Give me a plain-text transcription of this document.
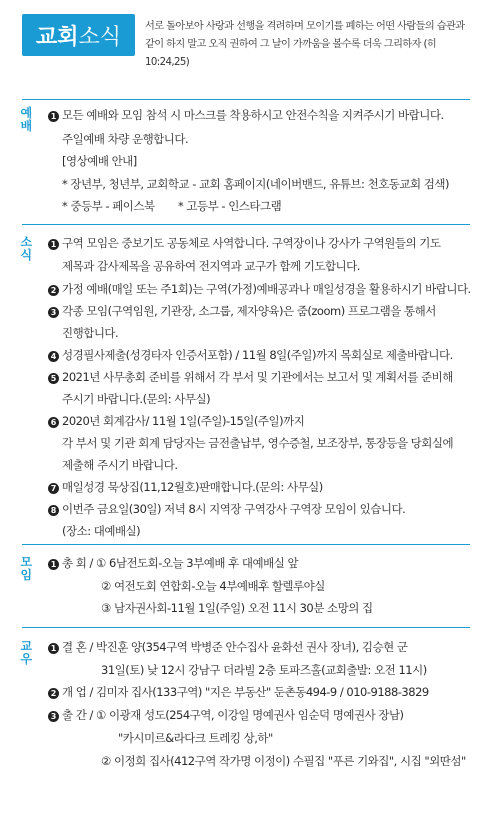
교회 소식 서로 돌아보아 사랑과 선행을 격려하며 모이기를 폐하는 어떤 사람들의 습관과
같이 하지 말고 오직 권하여 그 날이 가까움을 볼수록 더욱 그리하자 (히10:24,25)
예
배
1 모든 예배와 모임 참석 시 마스크를 착용하시고 안전수칙을 지켜주시기 바랍니다.
주일예배 차량 운행합니다.
[영상예배 안내]
* 장년부, 청년부, 교회학교 - 교회 홈페이지(네이버밴드, 유튜브: 천호동교회 검색)
* 중등부 - 페이스북 * 고등부 - 인스타그램
소
식
1 구역 모임은 중보기도 공동체로 사역합니다. 구역장이나 강사가 구역원들의 기도
제목과 감사제목을 공유하여 전지역과 교구가 함께 기도합니다.
2 가정 예배(매일 또는 주1회)는 구역(가정)예배공과나 매일성경을 활용하시기 바랍니다.
3 각종 모임(구역임원, 기관장, 소그룹, 제자양육)은 줌(zoom) 프로그램을 통해서
진행합니다.
4 성경필사제출(성경타자 인증서포함) / 11월 8일(주일)까지 목회실로 제출바랍니다.
5 2021년 사무총회 준비를 위해서 각 부서 및 기관에서는 보고서 및 계획서를 준비해
주시기 바랍니다.(문의: 사무실)
6 2020년 회계감사/ 11월 1일(주일)-15일(주일)까지
각 부서 및 기관 회계 담당자는 금전출납부, 영수증철, 보조장부, 통장등을 당회실에
제출해 주시기 바랍니다.
7 매일성경 묵상집(11,12월호)판매합니다.(문의: 사무실)
8 이번주 금요일(30일) 저녁 8시 지역장 구역강사 구역장 모임이 있습니다.
(장소: 대예배실)
모
임
1 총 회 / ① 6남전도회-오늘 3부예배 후 대예배실 앞
② 여전도회 연합회-오늘 4부예배후 할렐루야실
③ 남자권사회-11월 1일(주일) 오전 11시 30분 소망의 집
교
우
1 결 혼 / 박진훈 양(354구역 박병준 안수집사 윤화선 권사 장녀), 김승현 군
31일(토) 낮 12시 강남구 더라빌 2층 토파즈홀(교회출발: 오전 11시)
2 개 업 / 김미자 집사(133구역) "지은 부동산" 둔촌동494-9 / 010-9188-3829
3 출 간 / ① 이광재 성도(254구역, 이강일 명예권사 임순덕 명예권사 장남)
"카시미르&라다크 트레킹 상,하"
② 이정희 집사(412구역 작가명 이정이) 수필집 "푸른 기와집", 시집 "외딴섬"
